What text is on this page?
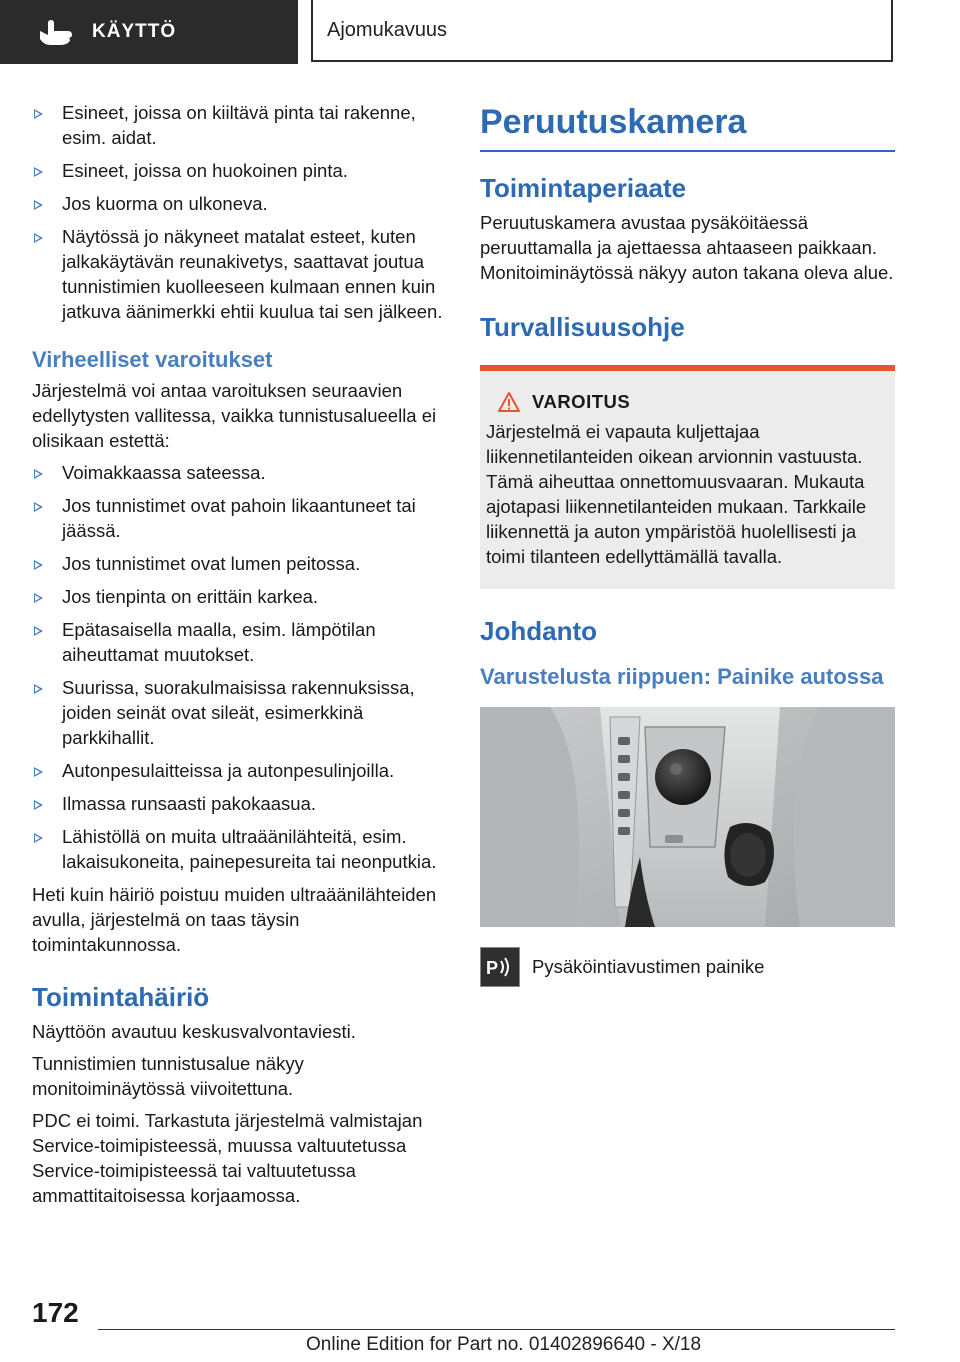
KÄYTTÖ	Ajomukavuus
Esineet, joissa on kiiltävä pinta tai rakenne, esim. aidat.
Esineet, joissa on huokoinen pinta.
Jos kuorma on ulkoneva.
Näytössä jo näkyneet matalat esteet, kuten jalkakäytävän reunakivetys, saattavat joutua tunnistimien kuolleeseen kulmaan ennen kuin jatkuva äänimerkki ehtii kuulua tai sen jälkeen.
Virheelliset varoitukset

Järjestelmä voi antaa varoituksen seuraavien edellytysten vallitessa, vaikka tunnistusalueella ei olisikaan estettä:

Voimakkaassa sateessa.
Jos tunnistimet ovat pahoin likaantuneet tai jäässä.
Jos tunnistimet ovat lumen peitossa.
Jos tienpinta on erittäin karkea.
Epätasaisella maalla, esim. lämpötilan aiheuttamat muutokset.
Suurissa, suorakulmaisissa rakennuksissa, joiden seinät ovat sileät, esimerkkinä parkkihallit.
Autonpesulaitteissa ja autonpesulinjoilla.
Ilmassa runsaasti pakokaasua.
Lähistöllä on muita ultraäänilähteitä, esim. lakaisukoneita, painepesureita tai neonputkia.

Heti kuin häiriö poistuu muiden ultraäänilähteiden avulla, järjestelmä on taas täysin toimintakunnossa.

Toimintahäiriö

Näyttöön avautuu keskusvalvontaviesti.

Tunnistimien tunnistusalue näkyy monitoiminäytössä viivoitettuna.

PDC ei toimi. Tarkastuta järjestelmä valmistajan Service-toimipisteessä, muussa valtuutetussa Service-toimipisteessä tai valtuutetussa ammattitaitoisessa korjaamossa.

Peruutuskamera
Toimintaperiaate

Peruutuskamera avustaa pysäköitäessä peruuttamalla ja ajettaessa ahtaaseen paikkaan. Monitoiminäytössä näkyy auton takana oleva alue.

Turvallisuusohje
VAROITUS

Järjestelmä ei vapauta kuljettajaa liikennetilanteiden oikean arvionnin vastuusta. Tämä aiheuttaa onnettomuusvaaran. Mukauta ajotapasi liikennetilanteiden mukaan. Tarkkaile liikennettä ja auton ympäristöä huolellisesti ja toimi tilanteen edellyttämällä tavalla.

Johdanto
Varustelusta riippuen: Painike autossa
P Pysäköintiavustimen painike
172
Online Edition for Part no. 01402896640 - X/18
